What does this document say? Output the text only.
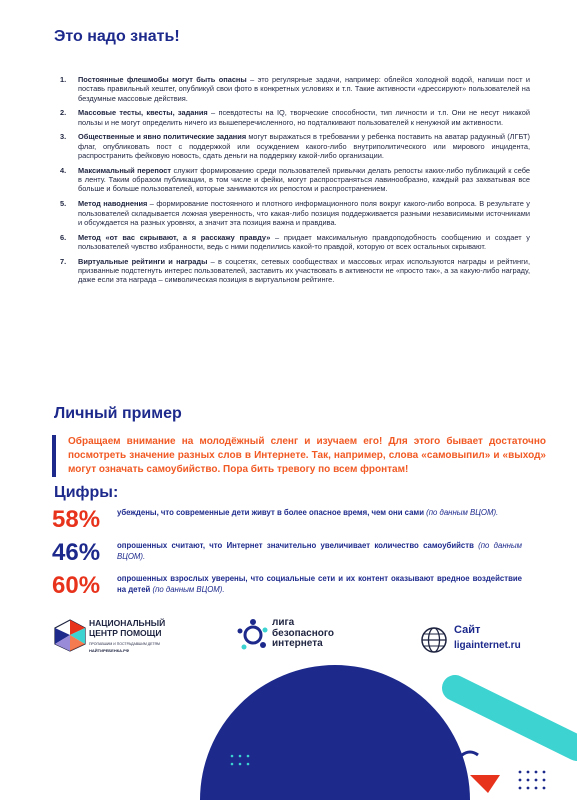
Это надо знать!
1. Постоянные флешмобы могут быть опасны – это регулярные задачи, например: облейся холодной водой, напиши пост и поставь правильный хештег, опубликуй свои фото в конкретных условиях и т.п. Такие активности «дрессируют» пользователей на бездумные массовые действия.
2. Массовые тесты, квесты, задания – псевдотесты на IQ, творческие способности, тип личности и т.п. Они не несут никакой пользы и не могут определить ничего из вышеперечисленного, но подталкивают пользователей к ненужной им активности.
3. Общественные и явно политические задания могут выражаться в требовании у ребенка поставить на аватар радужный (ЛГБТ) флаг, опубликовать пост с поддержкой или осуждением какого-либо внутриполитического или мирового инцидента, распространить фейковую новость, сдать деньги на поддержку какой-либо организации.
4. Максимальный перепост служит формированию среди пользователей привычки делать репосты каких-либо публикаций к себе в ленту. Таким образом публикации, в том числе и фейки, могут распространяться лавинообразно, каждый раз захватывая все больше и больше пользователей, которые занимаются их репостом и распространением.
5. Метод наводнения – формирование постоянного и плотного информационного поля вокруг какого-либо вопроса. В результате у пользователей складывается ложная уверенность, что какая-либо позиция поддерживается разными независимыми источниками и обсуждается на разных уровнях, а значит эта позиция важна и правдива.
6. Метод «от вас скрывают, а я расскажу правду» – придает максимальную правдоподобность сообщению и создает у пользователей чувство избранности, ведь с ними поделились какой-то правдой, которую от всех остальных скрывают.
7. Виртуальные рейтинги и награды – в соцсетях, сетевых сообществах и массовых играх используются награды и рейтинги, призванные подстегнуть интерес пользователей, заставить их участвовать в активности не «просто так», а за какую-либо награду, даже если эта награда – символическая позиция в виртуальном рейтинге.
Личный пример
Обращаем внимание на молодёжный сленг и изучаем его! Для этого бывает достаточно посмотреть значение разных слов в Интернете. Так, например, слова «самовыпил» и «выход» могут означать самоубийство. Пора бить тревогу по всем фронтам!
Цифры:
58% убеждены, что современные дети живут в более опасное время, чем они сами (по данным ВЦОМ).
46% опрошенных считают, что Интернет значительно увеличивает количество самоубийств (по данным ВЦОМ).
60% опрошенных взрослых уверены, что социальные сети и их контент оказывают вредное воздействие на детей (по данным ВЦОМ).
НАЦИОНАЛЬНЫЙ
ЦЕНТР ПОМОЩИ
ПРОПАВШИМ И ПОСТРАДАВШИМ ДЕТЯМ
НАЙТИРЕБЕНКА.РФ
лига
безопасного
интернета
Сайт
ligainternet.ru
